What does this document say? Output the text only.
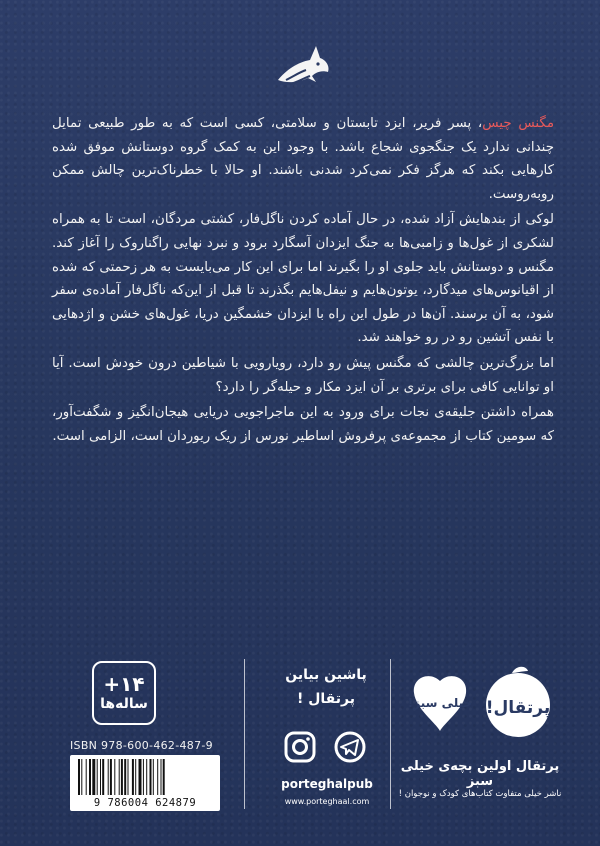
مگنس چیس، پسر فریر، ایزد تابستان و سلامتی، کسی است که به طور طبیعی تمایل چندانی ندارد یک جنگجوی شجاع باشد. با وجود این به کمک گروه دوستانش موفق شده کارهایی بکند که هرگز فکر نمی‌کرد شدنی باشند. او حالا با خطرناک‌ترین چالش ممکن روبه‌روست.

لوکی از بندهایش آزاد شده، در حال آماده کردن ناگل‌فار، کشتی مردگان، است تا به همراه لشکری از غول‌ها و زامبی‌ها به جنگ ایزدان آسگارد برود و نبرد نهایی راگناروک را آغاز کند. مگنس و دوستانش باید جلوی او را بگیرند اما برای این کار می‌بایست به هر زحمتی که شده از اقیانوس‌های میدگارد، یوتون‌هایم و نیفل‌هایم بگذرند تا قبل از این‌که ناگل‌فار آماده‌ی سفر شود، به آن برسند. آن‌ها در طول این راه با ایزدان خشمگین دریا، غول‌های خشن و اژدهایی با نفس آتشین رو در رو خواهند شد.

اما بزرگ‌ترین چالشی که مگنس پیش رو دارد، رویارویی با شیاطین درون خودش است. آیا او توانایی کافی برای برتری بر آن ایزد مکار و حیله‌گر را دارد؟

همراه داشتن جلیقه‌ی نجات برای ورود به این ماجراجویی دریایی هیجان‌انگیز و شگفت‌آور، که سومین کتاب از مجموعه‌ی پرفروش اساطیر نورس از ریک ریوردان است، الزامی است.

+۱۴
ساله‌ها
ISBN 978-600-462-487-9
9 786004 624879
پاشین بیاین
پرتقال !
porteghalpub
www.porteghaal.com
پرتقال!
خیلی سبز!
پرتقال اولین بچه‌ی خیلی سبز
ناشر خیلی متفاوت کتاب‌های کودک و نوجوان !
